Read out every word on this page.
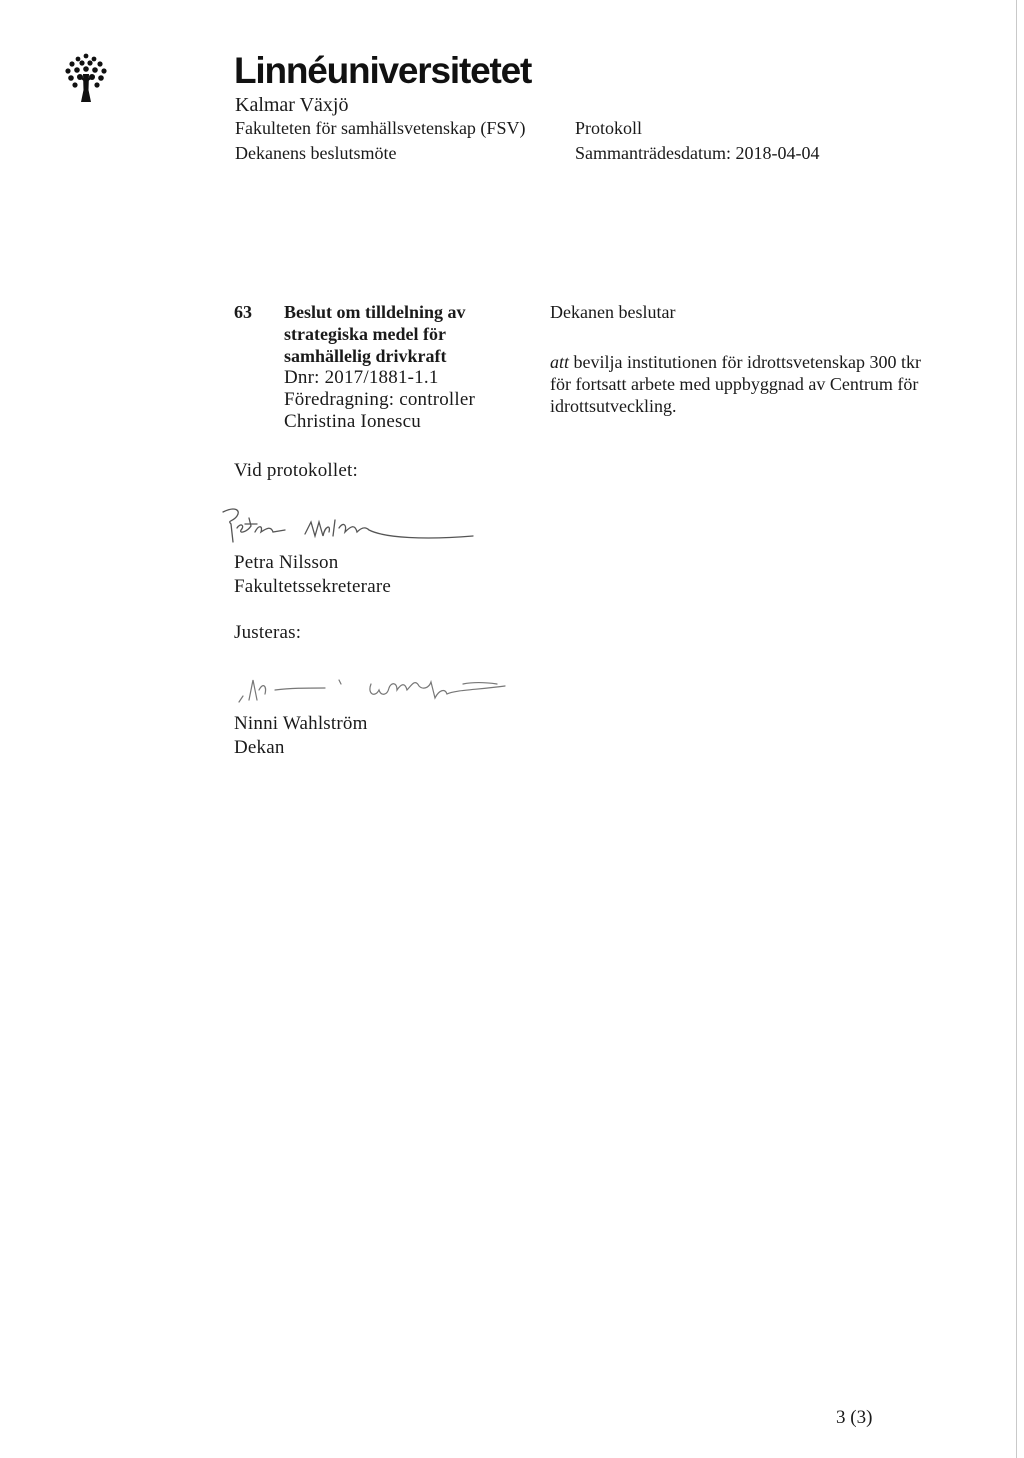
Linnéuniversitetet
Kalmar Växjö
Fakulteten för samhällsvetenskap (FSV)
Dekanens beslutsmöte
Protokoll
Sammanträdesdatum: 2018-04-04
63 Beslut om tilldelning av
strategiska medel för
samhällelig drivkraft
Dnr: 2017/1881-1.1
Föredragning: controller
Christina Ionescu
Dekanen beslutar
att bevilja institutionen för idrottsvetenskap 300 tkr för fortsatt arbete med uppbyggnad av Centrum för idrottsutveckling.
Vid protokollet:
Petra Nilsson
Fakultetssekreterare
Justeras:
Ninni Wahlström
Dekan
3 (3)
